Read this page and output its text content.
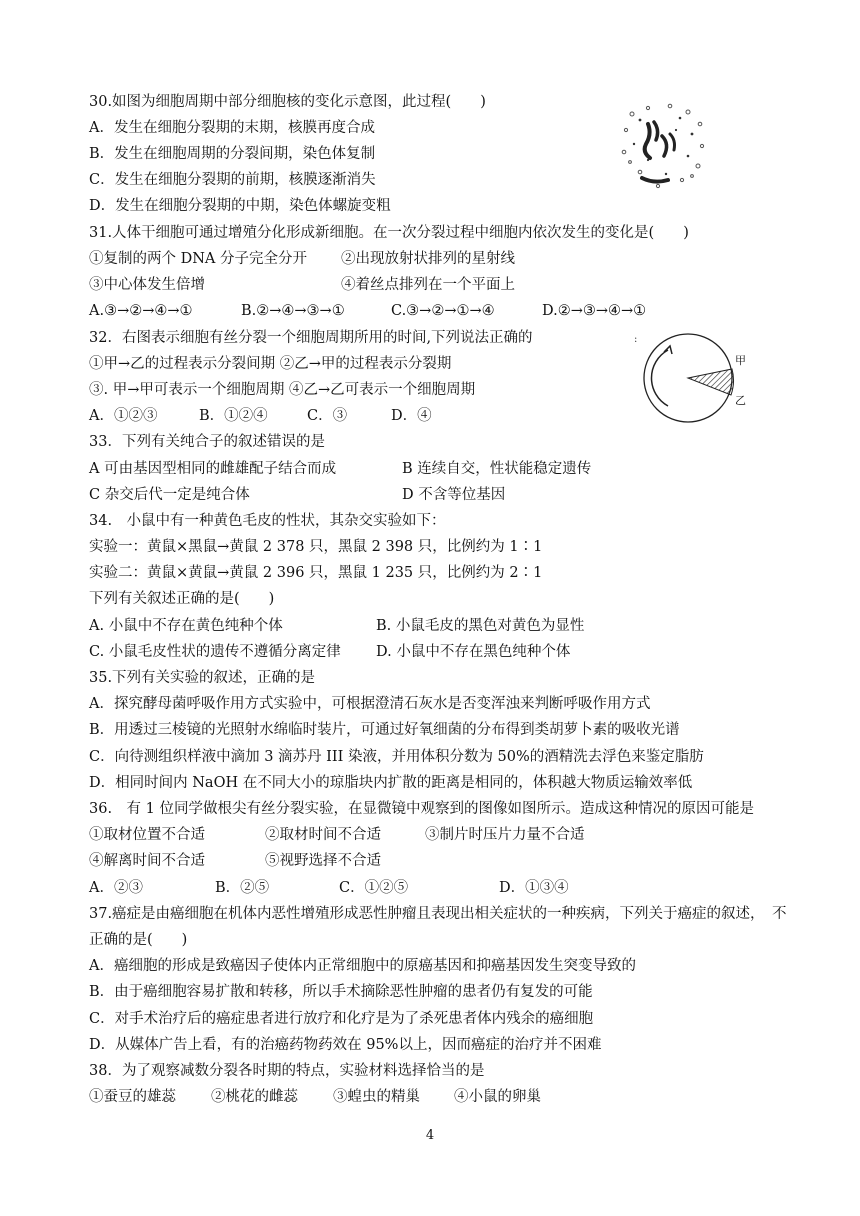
30.如图为细胞周期中部分细胞核的变化示意图，此过程(　　)
A．发生在细胞分裂期的末期，核膜再度合成
B．发生在细胞周期的分裂间期，染色体复制
C．发生在细胞分裂期的前期，核膜逐渐消失
D．发生在细胞分裂期的中期，染色体螺旋变粗
31.人体干细胞可通过增殖分化形成新细胞。在一次分裂过程中细胞内依次发生的变化是(　　)
①复制的两个 DNA 分子完全分开 ②出现放射状排列的星射线
③中心体发生倍增	④着丝点排列在一个平面上
A.③→②→④→①	B.②→④→③→①	C.③→②→①→④	D.②→③→④→①
32．右图表示细胞有丝分裂一个细胞周期所用的时间,下列说法正确的
①甲→乙的过程表示分裂间期 ②乙→甲的过程表示分裂期
③. 甲→甲可表示一个细胞周期 ④乙→乙可表示一个细胞周期
A．①②③	B．①②④	C．③	D．④
甲
乙
:
33．下列有关纯合子的叙述错误的是
A 可由基因型相同的雌雄配子结合而成	B 连续自交，性状能稳定遗传
C 杂交后代一定是纯合体	D 不含等位基因
34.　小鼠中有一种黄色毛皮的性状，其杂交实验如下：
实验一：黄鼠×黑鼠→黄鼠 2 378 只，黑鼠 2 398 只，比例约为 1∶1
实验二：黄鼠×黄鼠→黄鼠 2 396 只，黑鼠 1 235 只，比例约为 2∶1
下列有关叙述正确的是(　　)
A. 小鼠中不存在黄色纯种个体	B. 小鼠毛皮的黑色对黄色为显性
C. 小鼠毛皮性状的遗传不遵循分离定律 D. 小鼠中不存在黑色纯种个体
35.下列有关实验的叙述，正确的是
A．探究酵母菌呼吸作用方式实验中，可根据澄清石灰水是否变浑浊来判断呼吸作用方式
B．用透过三棱镜的光照射水绵临时装片，可通过好氧细菌的分布得到类胡萝卜素的吸收光谱
C．向待测组织样液中滴加 3 滴苏丹 III 染液，并用体积分数为 50%的酒精洗去浮色来鉴定脂肪
D．相同时间内 NaOH 在不同大小的琼脂块内扩散的距离是相同的，体积越大物质运输效率低
36.　有 1 位同学做根尖有丝分裂实验，在显微镜中观察到的图像如图所示。造成这种情况的原因可能是
①取材位置不合适	②取材时间不合适	③制片时压片力量不合适
④解离时间不合适	⑤视野选择不合适
A．②③	B．②⑤	C．①②⑤	D．①③④
37.癌症是由癌细胞在机体内恶性增殖形成恶性肿瘤且表现出相关症状的一种疾病，下列关于癌症的叙述， 不
正确的是(　　)
A．癌细胞的形成是致癌因子使体内正常细胞中的原癌基因和抑癌基因发生突变导致的
B．由于癌细胞容易扩散和转移，所以手术摘除恶性肿瘤的患者仍有复发的可能
C．对手术治疗后的癌症患者进行放疗和化疗是为了杀死患者体内残余的癌细胞
D．从媒体广告上看，有的治癌药物药效在 95%以上，因而癌症的治疗并不困难
38．为了观察减数分裂各时期的特点，实验材料选择恰当的是
①蚕豆的雄蕊 ②桃花的雌蕊 ③蝗虫的精巢 ④小鼠的卵巢
4
